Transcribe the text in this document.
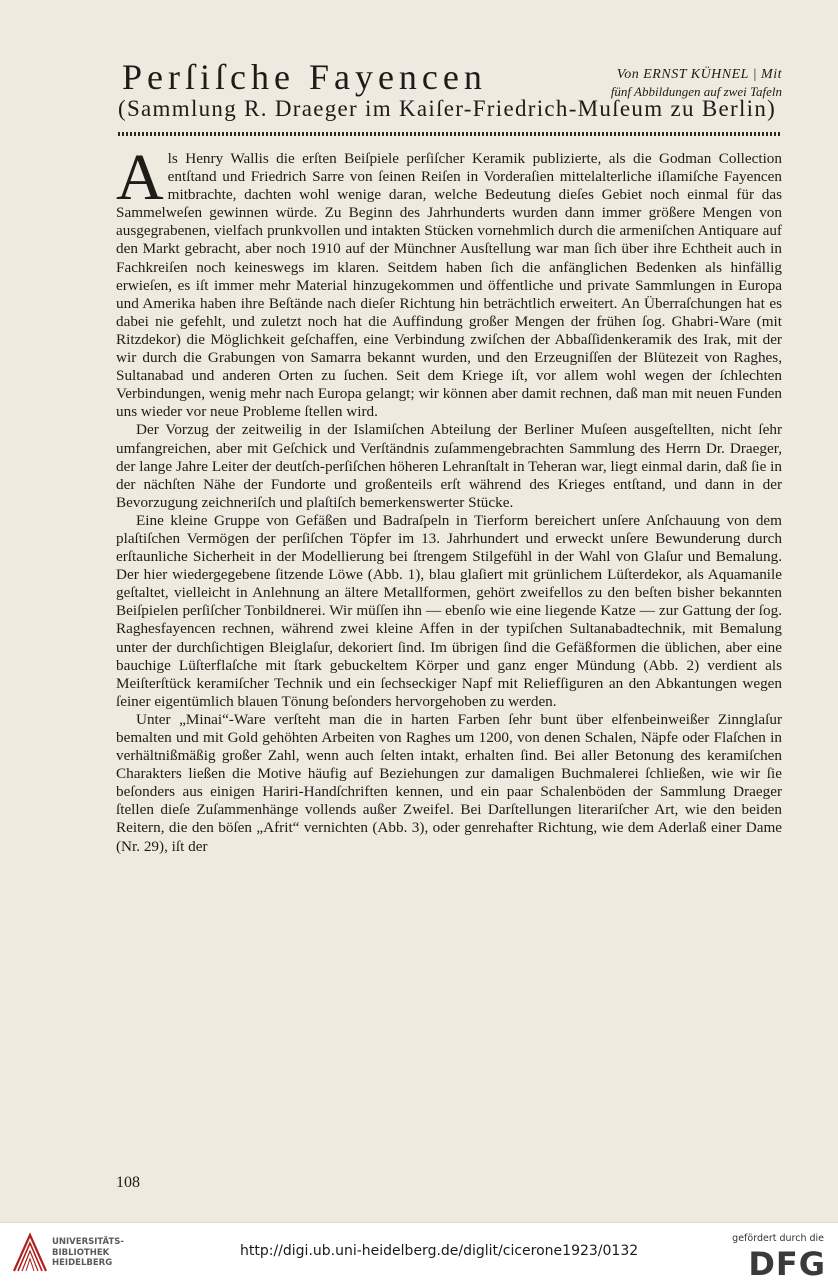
Perſiſche Fayencen	Von ERNST KÜHNEL | Mit
fünf Abbildungen auf zwei Tafeln
(Sammlung R. Draeger im Kaiſer-Friedrich-Muſeum zu Berlin)

Als Henry Wallis die erſten Beiſpiele perſiſcher Keramik publizierte, als die Godman Collection entſtand und Friedrich Sarre von ſeinen Reiſen in Vorderaſien mittelalterliche iſlamiſche Fayencen mitbrachte, dachten wohl wenige daran, welche Bedeutung dieſes Gebiet noch einmal für das Sammelweſen gewinnen würde. Zu Beginn des Jahrhunderts wurden dann immer größere Mengen von ausgegrabenen, vielfach prunkvollen und intakten Stücken vornehmlich durch die armeniſchen Antiquare auf den Markt gebracht, aber noch 1910 auf der Münchner Ausſtellung war man ſich über ihre Echtheit auch in Fachkreiſen noch keineswegs im klaren. Seitdem haben ſich die anfänglichen Bedenken als hinfällig erwieſen, es iſt immer mehr Material hinzugekommen und öffentliche und private Sammlungen in Europa und Amerika haben ihre Beſtände nach dieſer Richtung hin beträchtlich erweitert. An Überraſchungen hat es dabei nie gefehlt, und zuletzt noch hat die Auffindung großer Mengen der frühen ſog. Ghabri-Ware (mit Ritzdekor) die Möglichkeit geſchaffen, eine Verbindung zwiſchen der Abbaſſidenkeramik des Irak, mit der wir durch die Grabungen von Samarra bekannt wurden, und den Erzeugniſſen der Blütezeit von Raghes, Sultanabad und anderen Orten zu ſuchen. Seit dem Kriege iſt, vor allem wohl wegen der ſchlechten Verbindungen, wenig mehr nach Europa gelangt; wir können aber damit rechnen, daß man mit neuen Funden uns wieder vor neue Probleme ſtellen wird.

Der Vorzug der zeitweilig in der Islamiſchen Abteilung der Berliner Muſeen ausgeſtellten, nicht ſehr umfangreichen, aber mit Geſchick und Verſtändnis zuſammengebrachten Sammlung des Herrn Dr. Draeger, der lange Jahre Leiter der deutſch-perſiſchen höheren Lehranſtalt in Teheran war, liegt einmal darin, daß ſie in der nächſten Nähe der Fundorte und großenteils erſt während des Krieges entſtand, und dann in der Bevorzugung zeichneriſch und plaſtiſch bemerkenswerter Stücke.

Eine kleine Gruppe von Gefäßen und Badraſpeln in Tierform bereichert unſere Anſchauung von dem plaſtiſchen Vermögen der perſiſchen Töpfer im 13. Jahrhundert und erweckt unſere Bewunderung durch erſtaunliche Sicherheit in der Modellierung bei ſtrengem Stilgefühl in der Wahl von Glaſur und Bemalung. Der hier wiedergegebene ſitzende Löwe (Abb. 1), blau glaſiert mit grünlichem Lüſterdekor, als Aquamanile geſtaltet, vielleicht in Anlehnung an ältere Metallformen, gehört zweifellos zu den beſten bisher bekannten Beiſpielen perſiſcher Tonbildnerei. Wir müſſen ihn — ebenſo wie eine liegende Katze — zur Gattung der ſog. Raghesfayencen rechnen, während zwei kleine Affen in der typiſchen Sultanabadtechnik, mit Bemalung unter der durchſichtigen Bleiglaſur, dekoriert ſind. Im übrigen ſind die Gefäßformen die üblichen, aber eine bauchige Lüſterflaſche mit ſtark gebuckeltem Körper und ganz enger Mündung (Abb. 2) verdient als Meiſterſtück keramiſcher Technik und ein ſechseckiger Napf mit Reliefſiguren an den Abkantungen wegen ſeiner eigentümlich blauen Tönung beſonders hervorgehoben zu werden.

Unter „Minai“-Ware verſteht man die in harten Farben ſehr bunt über elfenbeinweißer Zinnglaſur bemalten und mit Gold gehöhten Arbeiten von Raghes um 1200, von denen Schalen, Näpfe oder Flaſchen in verhältnißmäßig großer Zahl, wenn auch ſelten intakt, erhalten ſind. Bei aller Betonung des keramiſchen Charakters ließen die Motive häufig auf Beziehungen zur damaligen Buchmalerei ſchließen, wie wir ſie beſonders aus einigen Hariri-Handſchriften kennen, und ein paar Schalenböden der Sammlung Draeger ſtellen dieſe Zuſammenhänge vollends außer Zweifel. Bei Darſtellungen literariſcher Art, wie den beiden Reitern, die den böſen „Afrit“ vernichten (Abb. 3), oder genrehafter Richtung, wie dem Aderlaß einer Dame (Nr. 29), iſt der

108
UNIVERSITÄTS-
BIBLIOTHEK
HEIDELBERG
http://digi.ub.uni-heidelberg.de/diglit/cicerone1923/0132
gefördert durch die
DFG
